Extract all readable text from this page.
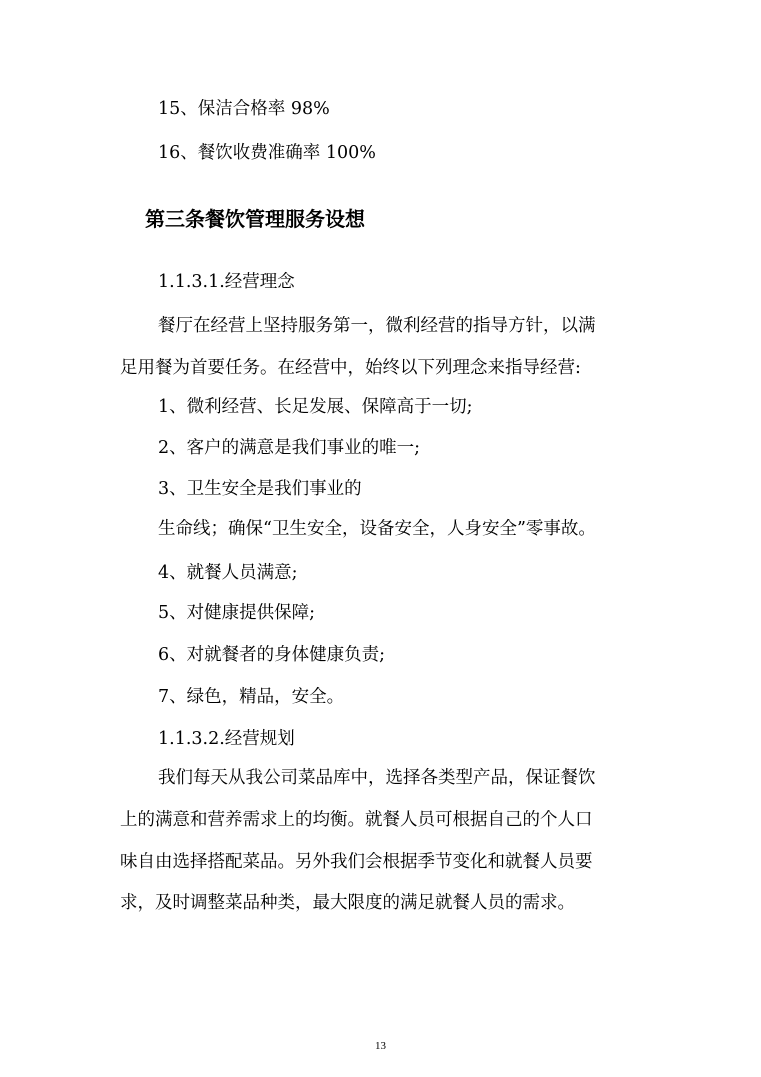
15、保洁合格率 98%
16、餐饮收费准确率 100%
第三条餐饮管理服务设想
1.1.3.1.经营理念
餐厅在经营上坚持服务第一，微利经营的指导方针，以满
足用餐为首要任务。在经营中，始终以下列理念来指导经营:
1、微利经营、长足发展、保障高于一切;
2、客户的满意是我们事业的唯一;
3、卫生安全是我们事业的
生命线；确保“卫生安全，设备安全，人身安全”零事故。
4、就餐人员满意;
5、对健康提供保障;
6、对就餐者的身体健康负责;
7、绿色，精品，安全。
1.1.3.2.经营规划
我们每天从我公司菜品库中，选择各类型产品，保证餐饮
上的满意和营养需求上的均衡。就餐人员可根据自己的个人口
味自由选择搭配菜品。另外我们会根据季节变化和就餐人员要
求，及时调整菜品种类，最大限度的满足就餐人员的需求。
13
